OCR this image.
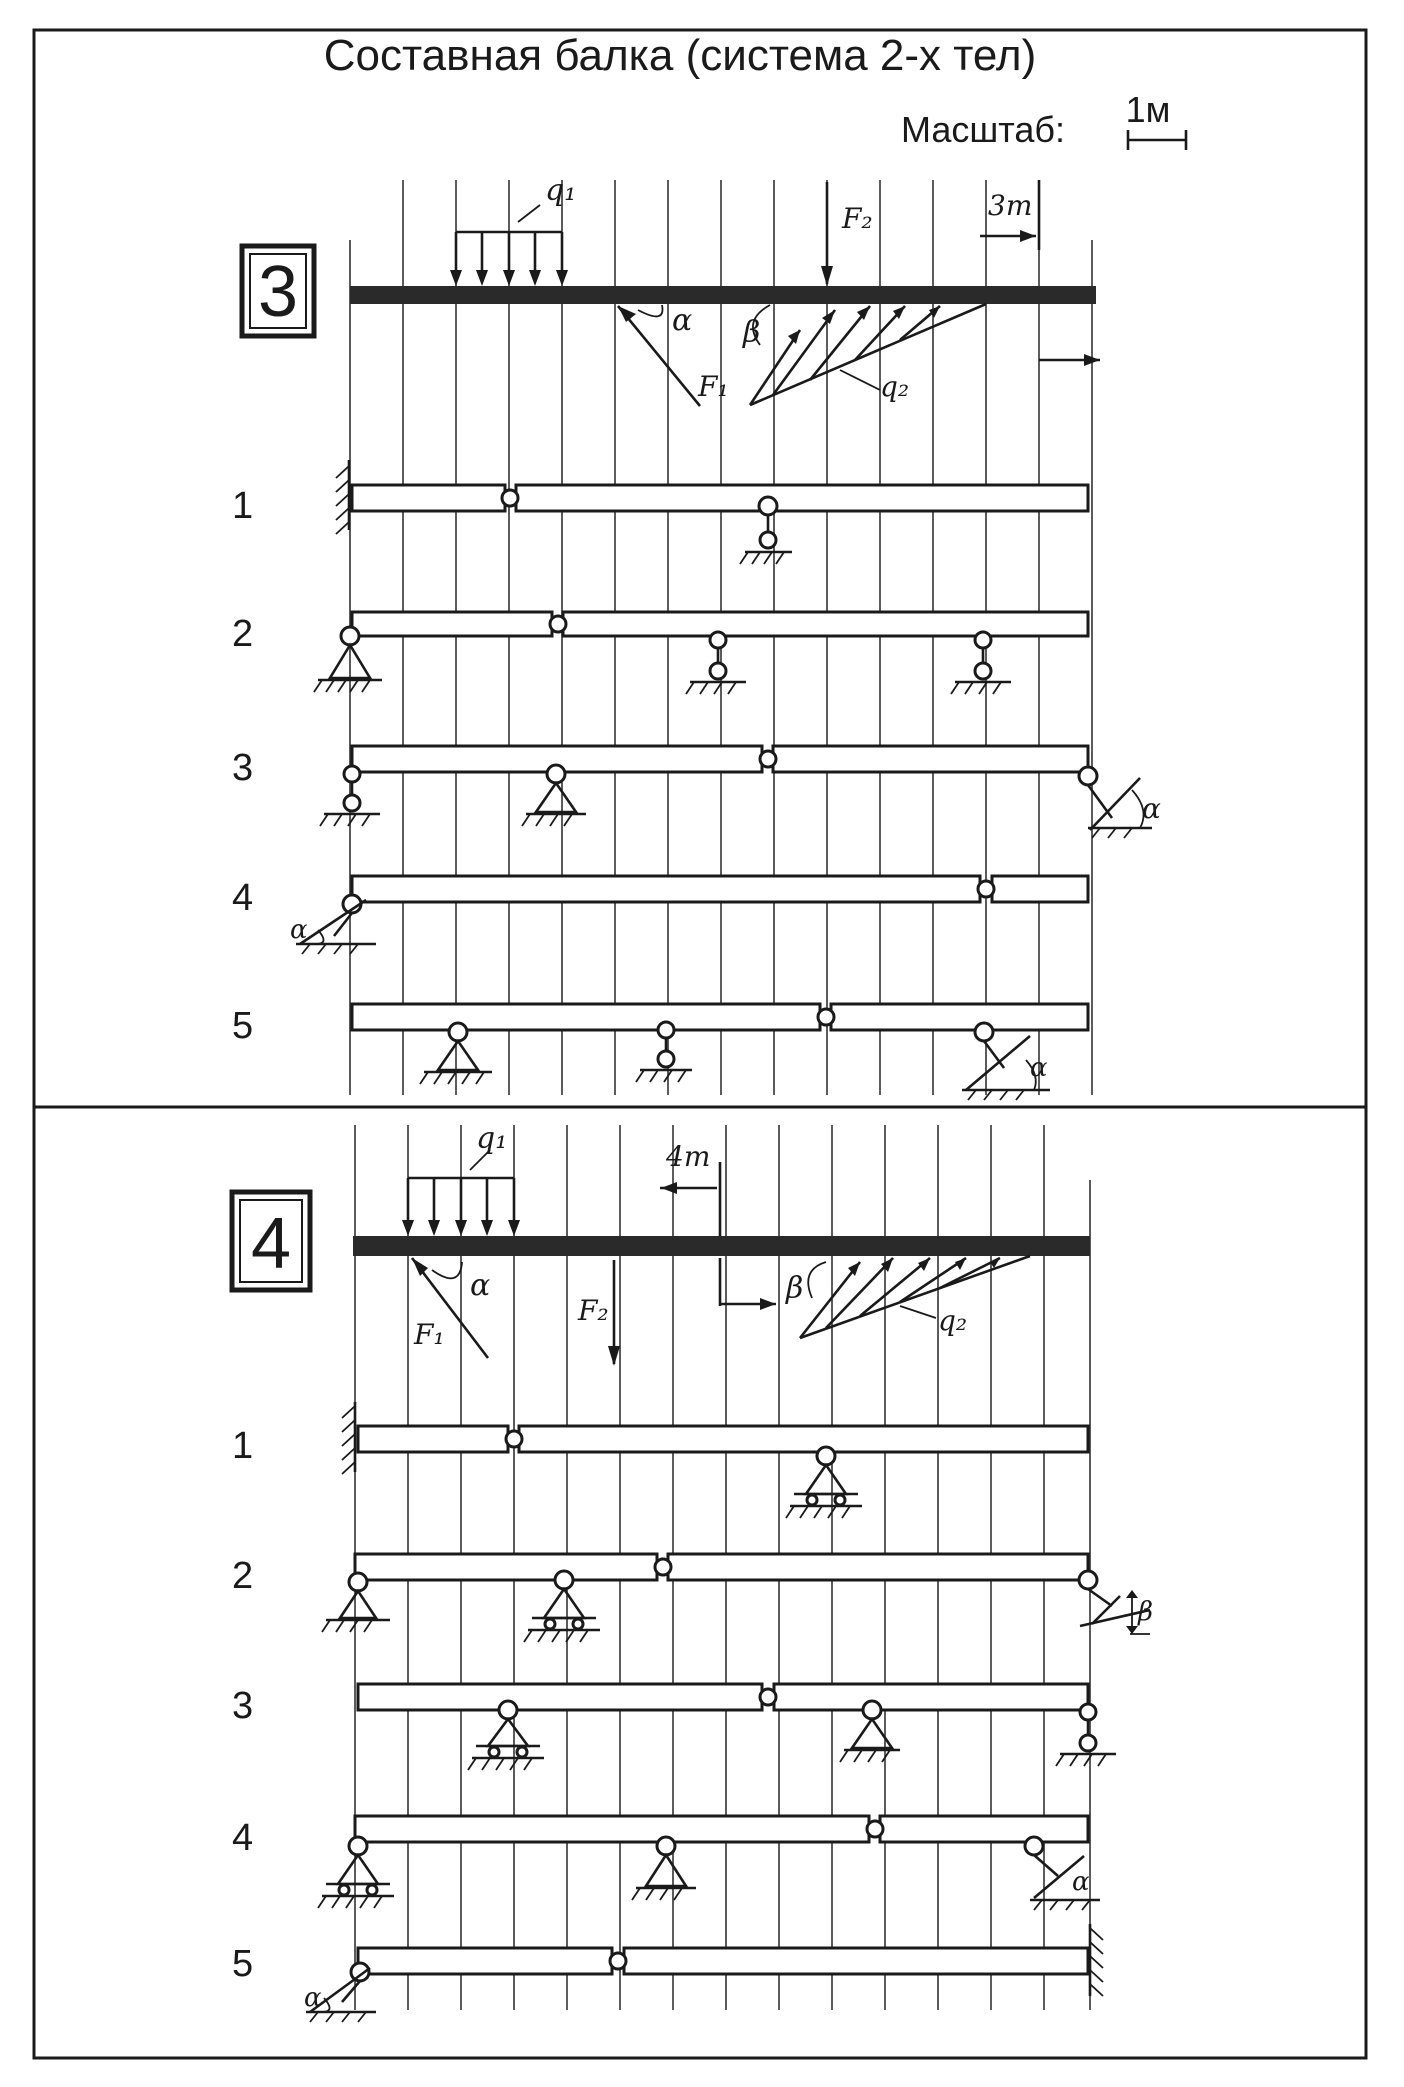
Составная балка (система 2-х тел)
Масштаб: 1м
3
q₁
α
F₁
F₂
β
q₂
3m
1
2
3
4
5
α
α
α
4
q₁
α
F₁
F₂
4m
β
q₂
1
2
3
4
5
β
α
α
